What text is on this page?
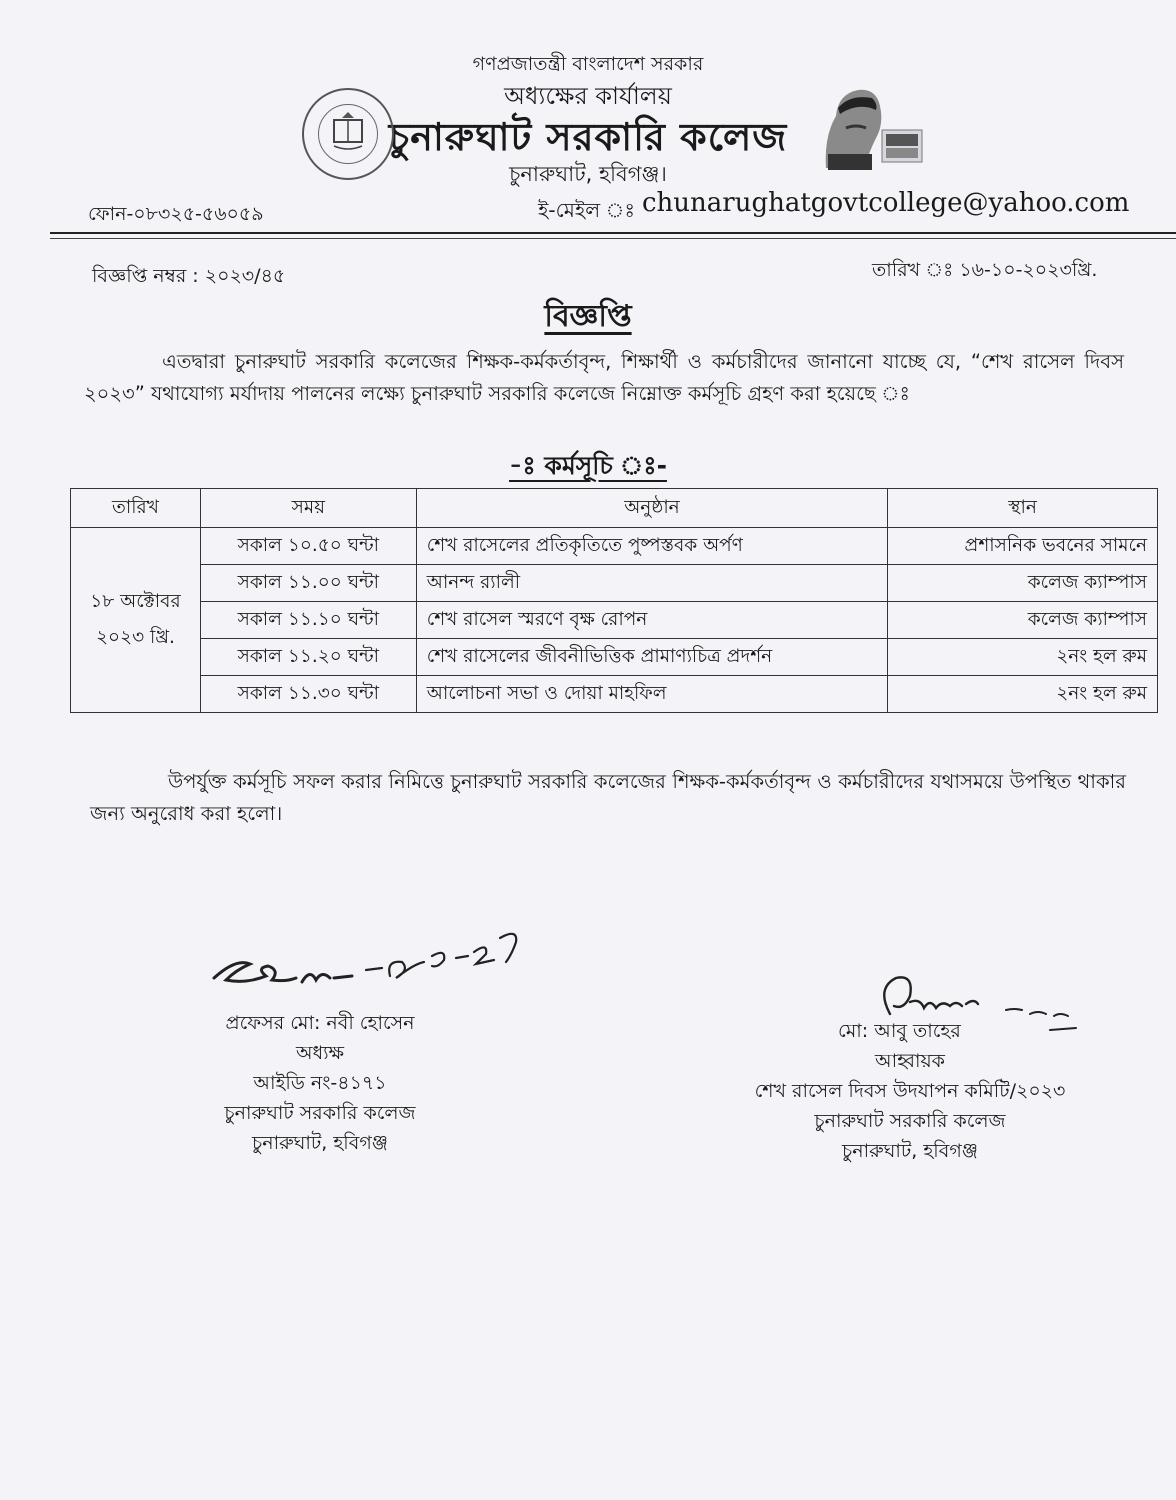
গণপ্রজাতন্ত্রী বাংলাদেশ সরকার
অধ্যক্ষের কার্যালয়
চুনারুঘাট সরকারি কলেজ
চুনারুঘাট, হবিগঞ্জ।
ফোন-০৮৩২৫-৫৬০৫৯	ই-মেইল ঃ chunarughatgovtcollege@yahoo.com
বিজ্ঞপ্তি নম্বর : ২০২৩/৪৫	তারিখ ঃ ১৬-১০-২০২৩খ্রি.
বিজ্ঞপ্তি
এতদ্বারা চুনারুঘাট সরকারি কলেজের শিক্ষক-কর্মকর্তাবৃন্দ, শিক্ষার্থী ও কর্মচারীদের জানানো যাচ্ছে যে, “শেখ রাসেল দিবস ২০২৩” যথাযোগ্য মর্যাদায় পালনের লক্ষ্যে চুনারুঘাট সরকারি কলেজে নিম্নোক্ত কর্মসূচি গ্রহণ করা হয়েছে ঃ
-ঃ কর্মসূচি ঃ-
তারিখ	সময়	অনুষ্ঠান	স্থান

১৮ অক্টোবর
২০২৩ খ্রি.	সকাল ১০.৫০ ঘন্টা	শেখ রাসেলের প্রতিকৃতিতে পুষ্পস্তবক অর্পণ	প্রশাসনিক ভবনের সামনে
	সকাল ১১.০০ ঘন্টা	আনন্দ র‌্যালী	কলেজ ক্যাম্পাস
	সকাল ১১.১০ ঘন্টা	শেখ রাসেল স্মরণে বৃক্ষ রোপন	কলেজ ক্যাম্পাস
	সকাল ১১.২০ ঘন্টা	শেখ রাসেলের জীবনীভিত্তিক প্রামাণ্যচিত্র প্রদর্শন	২নং হল রুম
	সকাল ১১.৩০ ঘন্টা	আলোচনা সভা ও দোয়া মাহফিল	২নং হল রুম
উপর্যুক্ত কর্মসূচি সফল করার নিমিত্তে চুনারুঘাট সরকারি কলেজের শিক্ষক-কর্মকর্তাবৃন্দ ও কর্মচারীদের যথাসময়ে উপস্থিত থাকার জন্য অনুরোধ করা হলো।
প্রফেসর মো: নবী হোসেন
অধ্যক্ষ
আইডি নং-৪১৭১
চুনারুঘাট সরকারি কলেজ
চুনারুঘাট, হবিগঞ্জ
মো: আবু তাহের
আহ্বায়ক
শেখ রাসেল দিবস উদযাপন কমিটি/২০২৩
চুনারুঘাট সরকারি কলেজ
চুনারুঘাট, হবিগঞ্জ
